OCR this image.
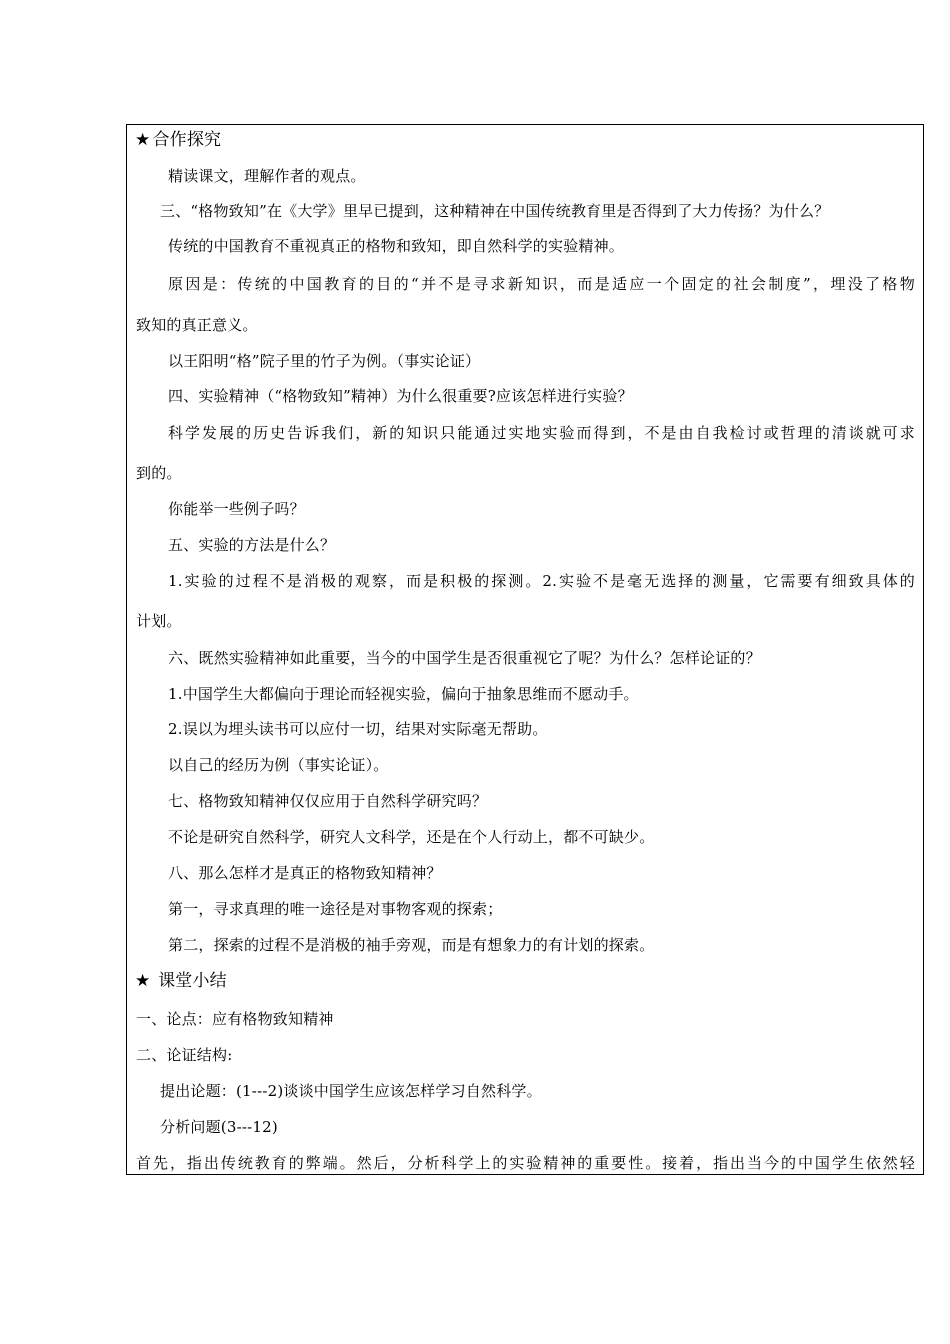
★ 合作探究
精读课文，理解作者的观点。
三、“格物致知”在《大学》里早已提到，这种精神在中国传统教育里是否得到了大力传扬？为什么？
传统的中国教育不重视真正的格物和致知，即自然科学的实验精神。
原因是：传统的中国教育的目的“并不是寻求新知识，而是适应一个固定的社会制度”，埋没了格物
致知的真正意义。
以王阳明“格”院子里的竹子为例。（事实论证）
四、实验精神（“格物致知”精神）为什么很重要?应该怎样进行实验？
科学发展的历史告诉我们，新的知识只能通过实地实验而得到，不是由自我检讨或哲理的清谈就可求
到的。
你能举一些例子吗？
五、实验的方法是什么？
1.实验的过程不是消极的观察，而是积极的探测。2.实验不是毫无选择的测量，它需要有细致具体的
计划。
六、既然实验精神如此重要，当今的中国学生是否很重视它了呢？为什么？怎样论证的？
1.中国学生大都偏向于理论而轻视实验，偏向于抽象思维而不愿动手。
2.误以为埋头读书可以应付一切，结果对实际毫无帮助。
以自己的经历为例（事实论证）。
七、格物致知精神仅仅应用于自然科学研究吗？
不论是研究自然科学，研究人文科学，还是在个人行动上，都不可缺少。
八、那么怎样才是真正的格物致知精神？
第一，寻求真理的唯一途径是对事物客观的探索；
第二，探索的过程不是消极的袖手旁观，而是有想象力的有计划的探索。
★ 课堂小结
一、论点：应有格物致知精神
二、论证结构:
提出论题：(1---2)谈谈中国学生应该怎样学习自然科学。
分析问题(3---12)
首先，指出传统教育的弊端。然后，分析科学上的实验精神的重要性。接着，指出当今的中国学生依然轻
